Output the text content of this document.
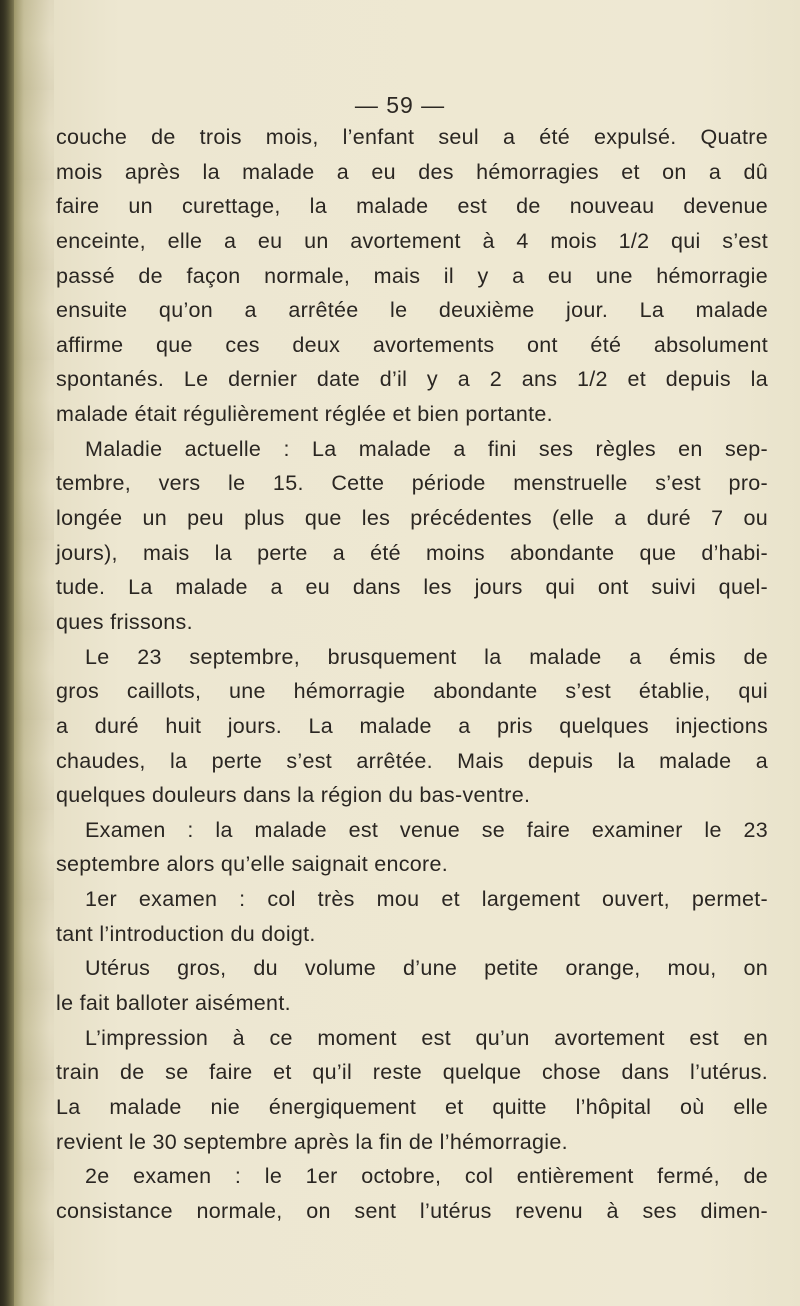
— 59 —
couche de trois mois, l’enfant seul a été expulsé. Quatre
mois après la malade a eu des hémorragies et on a dû
faire un curettage, la malade est de nouveau devenue
enceinte, elle a eu un avortement à 4 mois 1/2 qui s’est
passé de façon normale, mais il y a eu une hémorragie
ensuite qu’on a arrêtée le deuxième jour. La malade
affirme que ces deux avortements ont été absolument
spontanés. Le dernier date d’il y a 2 ans 1/2 et depuis la
malade était régulièrement réglée et bien portante.
Maladie actuelle : La malade a fini ses règles en sep-
tembre, vers le 15. Cette période menstruelle s’est pro-
longée un peu plus que les précédentes (elle a duré 7 ou
jours), mais la perte a été moins abondante que d’habi-
tude. La malade a eu dans les jours qui ont suivi quel-
ques frissons.
Le 23 septembre, brusquement la malade a émis de
gros caillots, une hémorragie abondante s’est établie, qui
a duré huit jours. La malade a pris quelques injections
chaudes, la perte s’est arrêtée. Mais depuis la malade a
quelques douleurs dans la région du bas-ventre.
Examen : la malade est venue se faire examiner le 23
septembre alors qu’elle saignait encore.
1er examen : col très mou et largement ouvert, permet-
tant l’introduction du doigt.
Utérus gros, du volume d’une petite orange, mou, on
le fait balloter aisément.
L’impression à ce moment est qu’un avortement est en
train de se faire et qu’il reste quelque chose dans l’utérus.
La malade nie énergiquement et quitte l’hôpital où elle
revient le 30 septembre après la fin de l’hémorragie.
2e examen : le 1er octobre, col entièrement fermé, de
consistance normale, on sent l’utérus revenu à ses dimen-
